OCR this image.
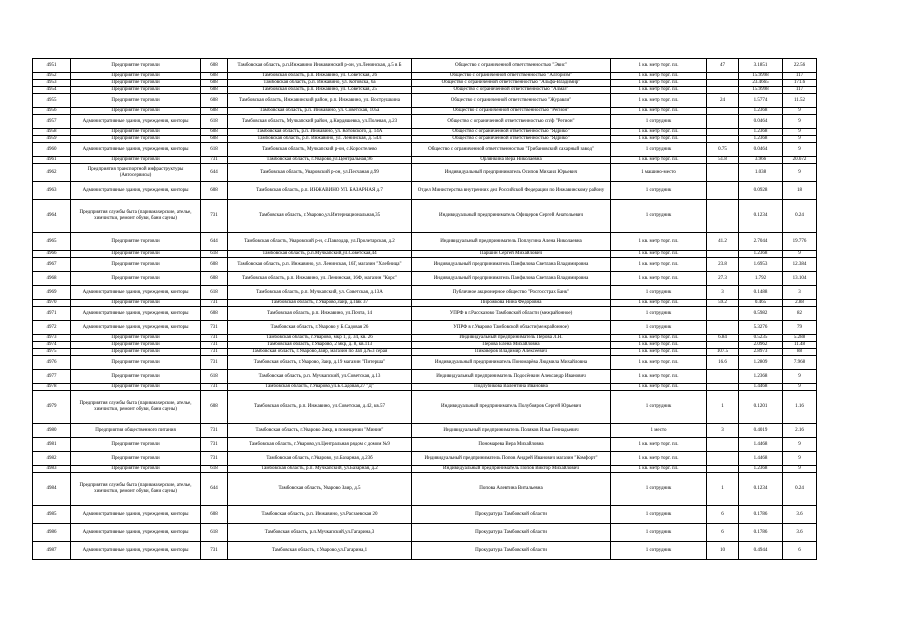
4951	Предприятие торговли	608	Тамбовская область, р.п.Инжавино Инжавинский р-он, ул.Ленинская, д.5 в Б	Общество с ограниченной ответственностью "Эвис"	1 кв. метр торг. пл.	47	3.1851	22.56
4952	Предприятие торговли	608	Тамбовская область, р.п. Инжавино, ул. Советская, 26	Общество с ограниченной ответственностью "Алгоризм"	1 кв. метр торг. пл.		15.9998	117
4953	Предприятие торговли	608	Тамбовская область, р.п. Инжавино, ул. Котовска, 6а	Общество с ограниченной ответственностью "Альфа-Владимир"	1 кв. метр торг. пл.		23.4665	171.6
4954	Предприятие торговли	608	Тамбовская область, р.п. Инжавино, ул. Советская, 25	Общество с ограниченной ответственностью "Алмаз"	1 кв. метр торг. пл.		15.9998	117
4955	Предприятие торговли	608	Тамбовская область, Инжавинский район, р.п. Инжавино, ул. Вострушкина	Общество с ограниченной ответственностью "Журавли"	1 кв. метр торг. пл.	24	1.5774	11.52
4956	Предприятие торговли	608	Тамбовская область, р.п. Инжавино, ул. Советская, 105а	Общество с ограниченной ответственностью "Регион"	1 кв. метр торг. пл.		1.2368	9
4957	Административные здания, учреждения, конторы	618	Тамбовская область, Мучкапский район, д.Кирдяшевка, ул.Полевая, д.23	Общество с ограниченной ответственностью сп/ф "Регион"	1 сотрудник		0.0464	9
4958	Предприятие торговли	608	Тамбовская область, р.п. Инжавино, ул. Котовского, д. 14А	Общество с ограниченной ответственностью "Ядрико"	1 кв. метр торг. пл.		1.2368	9
4959	Предприятие торговли	608	Тамбовская область, р.п. Инжавино, ул. Ленинская, д. 54Л	Общество с ограниченной ответственностью "Ядрико"	1 кв. метр торг. пл.		1.2368	9
4960	Административные здания, учреждения, конторы	618	Тамбовская область, Мучкапский р-он, с.Коростелево	Общество с ограниченной ответственностью "Грибановский сахарный завод"	1 сотрудник	0.75	0.0464	9
4961	Предприятие торговли	731	Тамбовская область, г.Уварово,ул.Центральная,96	Орлянкина Вера Николаевна	1 кв. метр торг. пл.	51.8	3.966	20.672
4962	Предприятия транспортной инфраструктуры (Автосервисы)	644	Тамбовская область, Уваровский р-он, ул.Песчаная д.99	Индивидуальный предприниматель Осипов Михаил Юрьевич	1 машино-место		1.038	9
4963	Административные здания, учреждения, конторы	608	Тамбовская область, р.п. ИНЖАВИНО УЛ. БАЗАРНАЯ д.7	Отдел Министерства внутренних дел Российской Федерации по Инжавинскому району	1 сотрудник		0.0928	18
4964	Предприятия службы быта (парикмахерские, ателье, химчистки, ремонт обуви, бани сауны)	731	Тамбовская область, г.Уварово,ул.Интернациональная,35	Индивидуальный предприниматель Офицеров Сергей Анатольевич	1 сотрудник		0.1234	0.24
4965	Предприятие торговли	644	Тамбовская область, Уваровский р-н, с.Павлодар, ул.Пролетарская, д.2	Индивидуальный предприниматель Поплугина Алена Николаевна	1 кв. метр торг. пл.	41.2	2.7044	19.776
4966	Предприятие торговли	618	Тамбовская область, р.п.Мучкапский,ул.Советская,44	Паршин Сергей Михайлович	1 кв. метр торг. пл.		1.2368	9
4967	Предприятие торговли	608	Тамбовская область, р.п. Инжавино, ул. Ленинская, 16Г, магазин "Хлебница"	Индивидуальный предприниматель Панфилова Светлана Владимировна	1 кв. метр торг. пл.	23.8	1.6953	12.384
4968	Предприятие торговли	608	Тамбовская область, р.п. Инжавино, ул. Ленинская, 16Ф, магазин "Корс"	Индивидуальный предприниматель Панфилова Светлана Владимировна	1 кв. метр торг. пл.	27.3	1.792	13.104
4969	Административные здания, учреждения, конторы	618	Тамбовская область, р.п. Мучкапский, ул. Советская, д.13А	Публичное акционерное общество "Росгосстрах Банк"	1 сотрудник	3	0.1488	3
4970	Предприятие торговли	731	Тамбовская область, г.Уварово,Заир, д.Пяк 37	Пирожкова Нина Федоровна	1 кв. метр торг. пл.	59.2	0.465	2.88
4971	Административные здания, учреждения, конторы	608	Тамбовская область, р.п. Инжавино, ул.Почта, 14	УПРФ в г.Рассказово Тамбовской области (межрайонное)	1 сотрудник		0.5982	82
4972	Административные здания, учреждения, конторы	731	Тамбовская область, г.Уварово у Б.Садовая 26	УПРФ в г.Уварово Тамбовской области(межрайонное)	1 сотрудник		5.3276	79
4973	Предприятие торговли	731	Тамбовская область, г.Уварово, мкр 1, д. 34, кв. 26	Индивидуальный предприниматель Перова Л.Н.	1 кв. метр торг. пл.	6.84	0.5235	5.288
4974	Предприятие торговли	731	Тамбовская область, г.Уварово, 2 мкр, д. 8, кв.113	Перова Елена Михайловна	1 кв. метр торг. пл.		2.0962	11.48
4975	Предприятие торговли	731	Тамбовская область, г.Уварово,Заир, магазин по Зап д.№3 серая	Пиковеров Владимир Алексеевич	1 кв. метр торг. пл.	107.5	2.8973	88
4976	Предприятие торговли	731	Тамбовская область, г.Уварово, Заир, д.19 магазин "Питерша"	Индивидуальный предприниматель Пономарёва Людмила Михайловна	1 кв. метр торг. пл.	16.6	1.2809	7.968
4977	Предприятие торговли	618	Тамбовская область, р.п. Мучкапский, ул.Советская, д.13	Индивидуальный предприниматель Подосёнкин Александр Иванович	1 кв. метр торг. пл.		1.2368	9
4978	Предприятие торговли	731	Тамбовская область, г.Уварово,ул.Б.Садовая,27 "Д"	Подлубикова Валентина Ивановна	1 кв. метр торг. пл.		1.4468	9
4979	Предприятия службы быта (парикмахерские, ателье, химчистки, ремонт обуви, бани сауны)	608	Тамбовская область, р.п. Инжавино, ул.Советская, д.42, кв.57	Индивидуальный предприниматель Полубояров Сергей Юрьевич	1 сотрудник	1	0.1201	1.16
4980	Предприятия общественного питания	731	Тамбовская область, г.Уварово 2мкр, в помещении "Минин"	Индивидуальный предприниматель Поляков Илья Геннадьевич	1 место	3	0.4019	2.16
4981	Предприятие торговли	731	Тамбовская область, г.Уварово,ул.Центральная рядом с домом №9	Пономарева Вера Михайловна	1 кв. метр торг. пл.		1.4468	9
4982	Предприятие торговли	731	Тамбовская область, г.Уварово, ул.Базарная, д.23б	Индивидуальный предприниматель Попов Андрей Иванович магазин "Комфорт"	1 кв. метр торг. пл.		1.4468	9
4983	Предприятие торговли	618	Тамбовская область, р.п. Мучкапский, ул.Базарная, д.2	Индивидуальный предприниматель Попов Виктор Михайлович	1 кв. метр торг. пл.		1.2368	9
4984	Предприятия службы быта (парикмахерские, ателье, химчистки, ремонт обуви, бани сауны)	644	Тамбовская область, Уварово Заир, д.5	Попова Алевтина Витальевна	1 сотрудник	1	0.1234	0.24
4985	Административные здания, учреждения, конторы	608	Тамбовская область, р.п. Инжавино, ул.Расзаевская 20	Прокуратура Тамбовской области	1 сотрудник	6	0.1786	3.6
4986	Административные здания, учреждения, конторы	618	Тамбовская область, р.п.Мучкапский,ул.Гагарина,3	Прокуратура Тамбовской области	1 сотрудник	6	0.1786	3.6
4987	Административные здания, учреждения, конторы	731	Тамбовская область, г.Уварово,ул.Гагарина,1	Прокуратура Тамбовской области	1 сотрудник	10	0.4944	6
